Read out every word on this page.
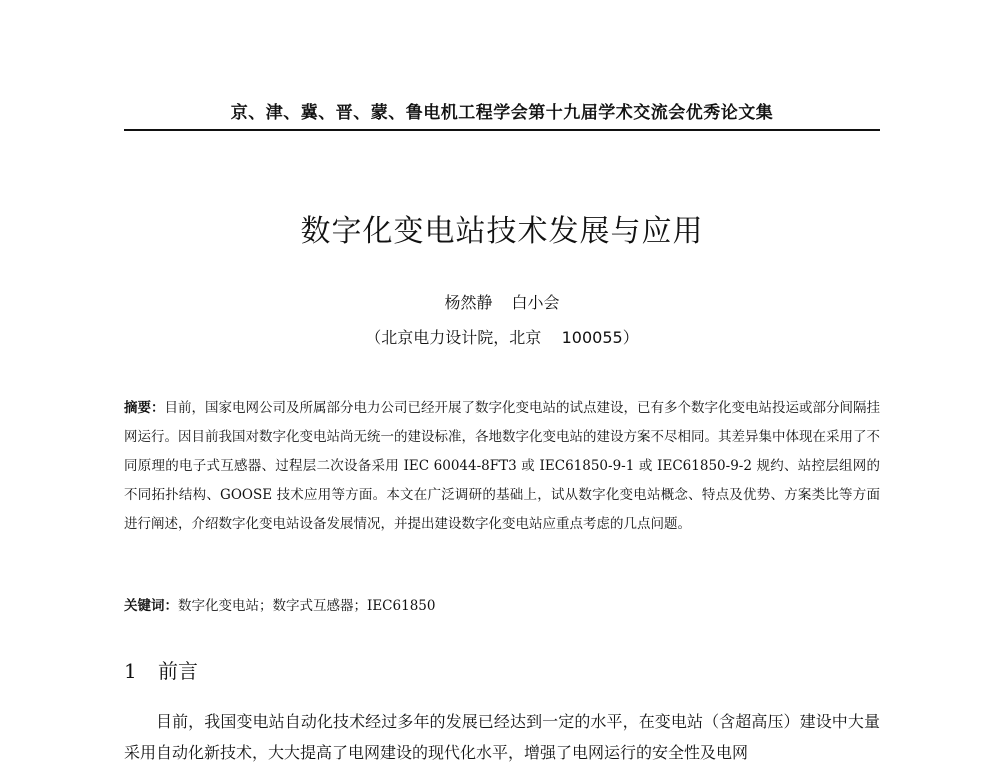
京、津、冀、晋、蒙、鲁电机工程学会第十九届学术交流会优秀论文集
数字化变电站技术发展与应用
杨然静 白小会
（北京电力设计院，北京    100055）
摘要：目前，国家电网公司及所属部分电力公司已经开展了数字化变电站的试点建设，已有多个数字化变电站投运或部分间隔挂网运行。因目前我国对数字化变电站尚无统一的建设标准，各地数字化变电站的建设方案不尽相同。其差异集中体现在采用了不同原理的电子式互感器、过程层二次设备采用 IEC 60044-8FT3 或 IEC61850-9-1 或 IEC61850-9-2 规约、站控层组网的不同拓扑结构、GOOSE 技术应用等方面。本文在广泛调研的基础上，试从数字化变电站概念、特点及优势、方案类比等方面进行阐述，介绍数字化变电站设备发展情况，并提出建设数字化变电站应重点考虑的几点问题。
关键词：数字化变电站；数字式互感器；IEC61850
1 前言
目前，我国变电站自动化技术经过多年的发展已经达到一定的水平，在变电站（含超高压）建设中大量采用自动化新技术，大大提高了电网建设的现代化水平，增强了电网运行的安全性及电网
